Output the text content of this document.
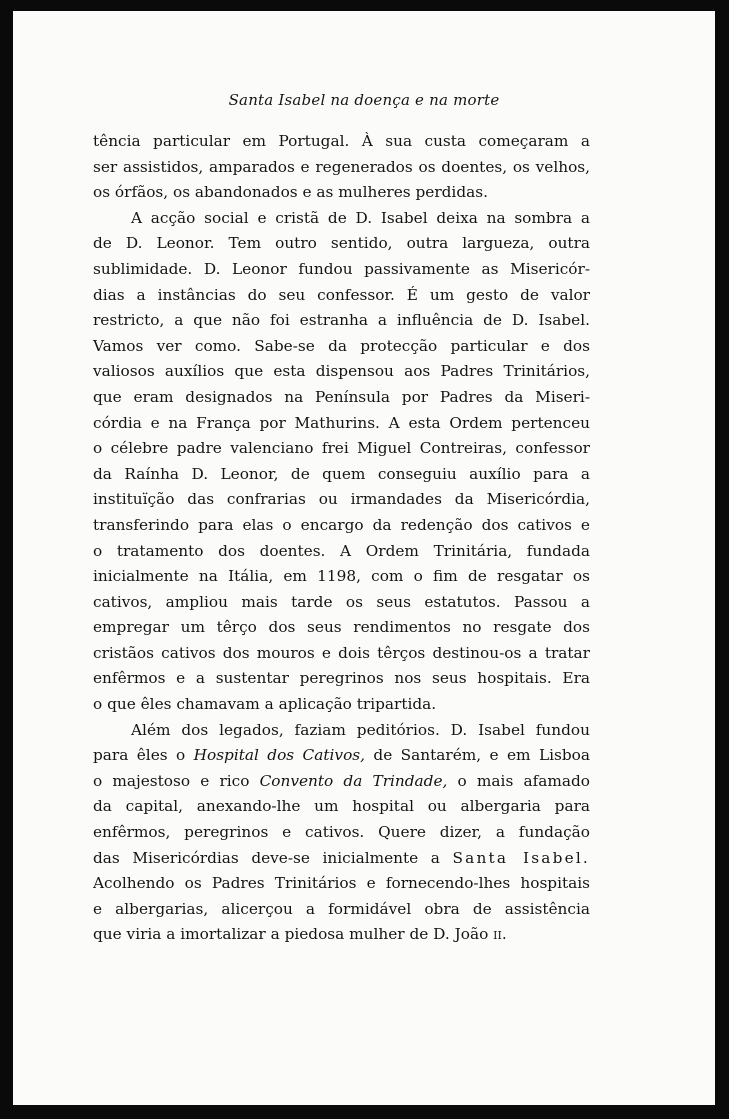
Santa Isabel na doença e na morte
tência particular em Portugal. À sua custa começaram a
ser assistidos, amparados e regenerados os doentes, os velhos,
os órfãos, os abandonados e as mulheres perdidas.
A acção social e cristã de D. Isabel deixa na sombra a
de D. Leonor. Tem outro sentido, outra largueza, outra
sublimidade. D. Leonor fundou passivamente as Misericór-
dias a instâncias do seu confessor. É um gesto de valor
restricto, a que não foi estranha a influência de D. Isabel.
Vamos ver como. Sabe-se da protecção particular e dos
valiosos auxílios que esta dispensou aos Padres Trinitários,
que eram designados na Península por Padres da Miseri-
córdia e na França por Mathurins. A esta Ordem pertenceu
o célebre padre valenciano frei Miguel Contreiras, confessor
da Raínha D. Leonor, de quem conseguiu auxílio para a
instituïção das confrarias ou irmandades da Misericórdia,
transferindo para elas o encargo da redenção dos cativos e
o tratamento dos doentes. A Ordem Trinitária, fundada
inicialmente na Itália, em 1198, com o fim de resgatar os
cativos, ampliou mais tarde os seus estatutos. Passou a
empregar um têrço dos seus rendimentos no resgate dos
cristãos cativos dos mouros e dois têrços destinou-os a tratar
enfêrmos e a sustentar peregrinos nos seus hospitais. Era
o que êles chamavam a aplicação tripartida.
Além dos legados, faziam peditórios. D. Isabel fundou
para êles o Hospital dos Cativos, de Santarém, e em Lisboa
o majestoso e rico Convento da Trindade, o mais afamado
da capital, anexando-lhe um hospital ou albergaria para
enfêrmos, peregrinos e cativos. Quere dizer, a fundação
das Misericórdias deve-se inicialmente a Santa Isabel.
Acolhendo os Padres Trinitários e fornecendo-lhes hospitais
e albergarias, alicerçou a formidável obra de assistência
que viria a imortalizar a piedosa mulher de D. João ii.
